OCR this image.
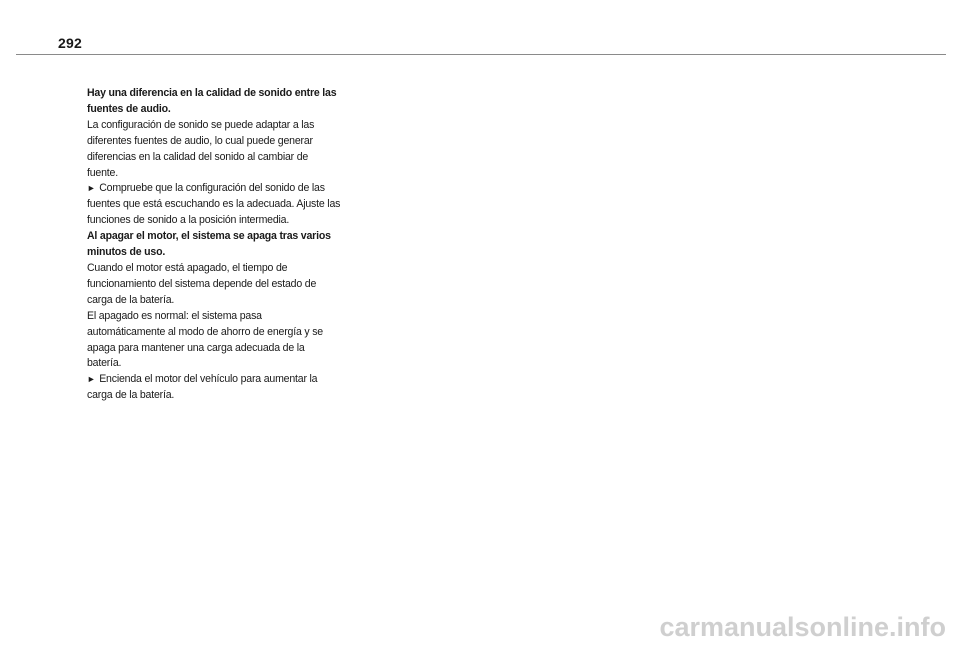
292

Hay una diferencia en la calidad de sonido entre las fuentes de audio.

La configuración de sonido se puede adaptar a las diferentes fuentes de audio, lo cual puede generar diferencias en la calidad del sonido al cambiar de fuente.

► Compruebe que la configuración del sonido de las fuentes que está escuchando es la adecuada. Ajuste las funciones de sonido a la posición intermedia.

Al apagar el motor, el sistema se apaga tras varios minutos de uso.

Cuando el motor está apagado, el tiempo de funcionamiento del sistema depende del estado de carga de la batería.

El apagado es normal: el sistema pasa automáticamente al modo de ahorro de energía y se apaga para mantener una carga adecuada de la batería.

► Encienda el motor del vehículo para aumentar la carga de la batería.

carmanualsonline.info
